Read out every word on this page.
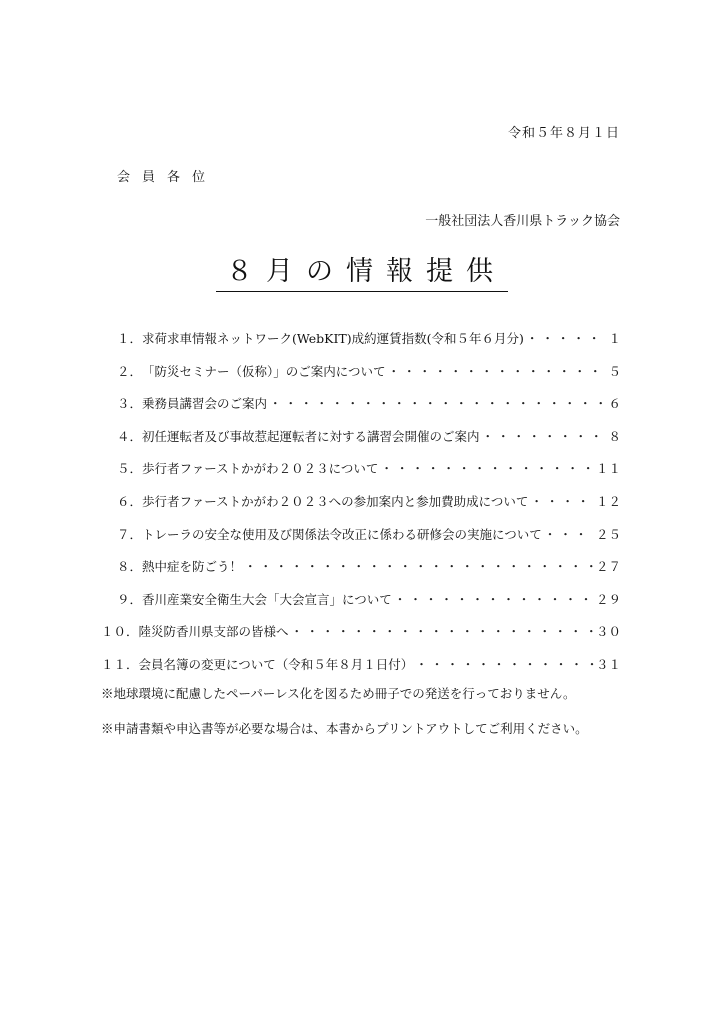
令和５年８月１日
会員各位
一般社団法人香川県トラック協会
８月の情報提供
１． 求荷求車情報ネットワーク(WebKIT)成約運賃指数(令和５年６月分) ・・・・・・・・・・・・・・・・・・・・・・・・・・・・・・・・・・・・・・・・・・・・・・・・・・・・・・・・・・・・・・・・・・・・	１
２． 「防災セミナー（仮称）」のご案内について ・・・・・・・・・・・・・・・・・・・・・・・・・・・・・・・・・・・・・・・・・・・・・・・・・・・・・・・・・・・・・・・・・・・・	５
３． 乗務員講習会のご案内 ・・・・・・・・・・・・・・・・・・・・・・・・・・・・・・・・・・・・・・・・・・・・・・・・・・・・・・・・・・・・・・・・・・・・	６
４． 初任運転者及び事故惹起運転者に対する講習会開催のご案内 ・・・・・・・・・・・・・・・・・・・・・・・・・・・・・・・・・・・・・・・・・・・・・・・・・・・・・・・・・・・・・・・・・・・・	８
５． 歩行者ファーストかがわ２０２３について ・・・・・・・・・・・・・・・・・・・・・・・・・・・・・・・・・・・・・・・・・・・・・・・・・・・・・・・・・・・・・・・・・・・・	１１
６． 歩行者ファーストかがわ２０２３への参加案内と参加費助成について ・・・・・・・・・・・・・・・・・・・・・・・・・・・・・・・・・・・・・・・・・・・・・・・・・・・・・・・・・・・・・・・・・・・・	１２
７． トレーラの安全な使用及び関係法令改正に係わる研修会の実施について ・・・・・・・・・・・・・・・・・・・・・・・・・・・・・・・・・・・・・・・・・・・・・・・・・・・・・・・・・・・・・・・・・・・・	２５
８． 熱中症を防ごう！ ・・・・・・・・・・・・・・・・・・・・・・・・・・・・・・・・・・・・・・・・・・・・・・・・・・・・・・・・・・・・・・・・・・・・	２７
９． 香川産業安全衛生大会「大会宣言」について ・・・・・・・・・・・・・・・・・・・・・・・・・・・・・・・・・・・・・・・・・・・・・・・・・・・・・・・・・・・・・・・・・・・・	２９
１０． 陸災防香川県支部の皆様へ ・・・・・・・・・・・・・・・・・・・・・・・・・・・・・・・・・・・・・・・・・・・・・・・・・・・・・・・・・・・・・・・・・・・・	３０
１１． 会員名簿の変更について（令和５年８月１日付） ・・・・・・・・・・・・・・・・・・・・・・・・・・・・・・・・・・・・・・・・・・・・・・・・・・・・・・・・・・・・・・・・・・・・	３１
※地球環境に配慮したペーパーレス化を図るため冊子での発送を行っておりません。
※申請書類や申込書等が必要な場合は、本書からプリントアウトしてご利用ください。
